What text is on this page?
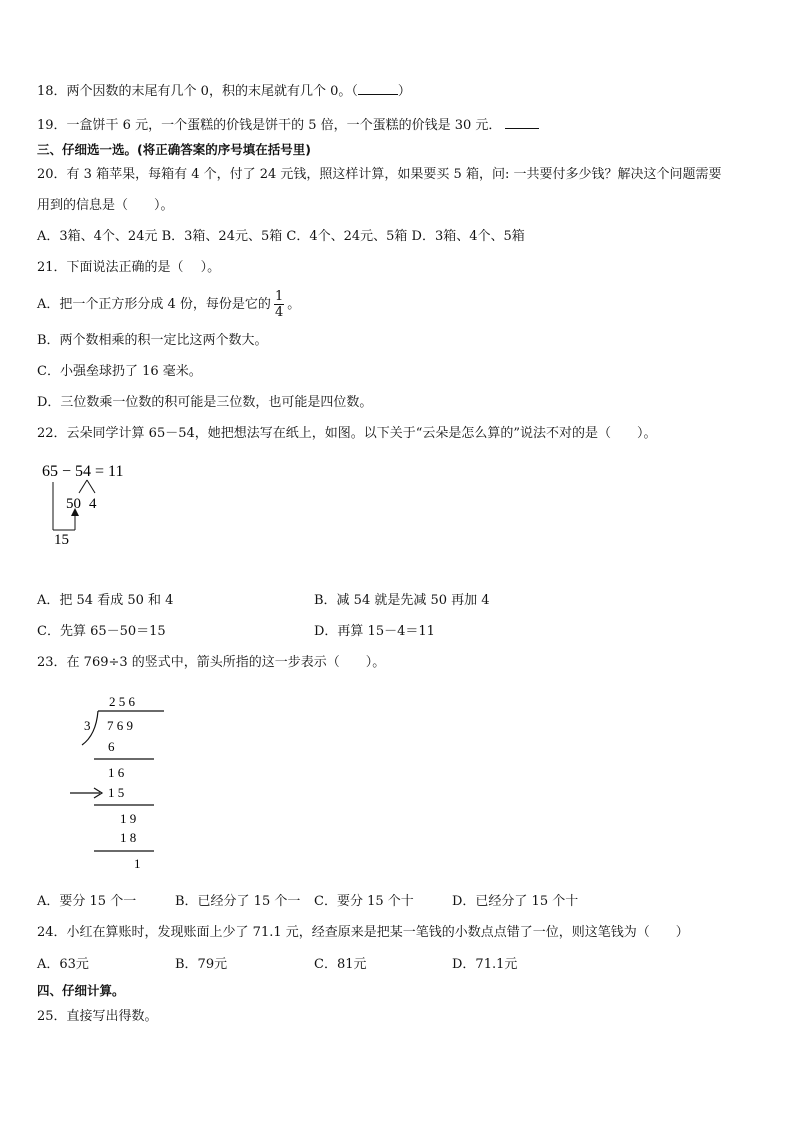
18．两个因数的末尾有几个 0，积的末尾就有几个 0。（	）
19．一盒饼干 6 元，一个蛋糕的价钱是饼干的 5 倍，一个蛋糕的价钱是 30 元．
三、仔细选一选。(将正确答案的序号填在括号里)
20．有 3 箱苹果，每箱有 4 个，付了 24 元钱，照这样计算，如果要买 5 箱，问: 一共要付多少钱？解决这个问题需要
用到的信息是（　　）。
A．3箱、4个、24元 B．3箱、24元、5箱 C．4个、24元、5箱 D．3箱、4个、5箱
21．下面说法正确的是（　 ）。
A．把一个正方形分成 4 份，每份是它的 $\frac{1}{4}$ 。
B．两个数相乘的积一定比这两个数大。
C．小强垒球扔了 16 毫米。
D．三位数乘一位数的积可能是三位数，也可能是四位数。
22．云朵同学计算 65－54，她把想法写在纸上，如图。以下关于“云朵是怎么算的”说法不对的是（　　）。
65 − 54 = 11
50 4
15
A．把 54 看成 50 和 4	B．减 54 就是先减 50 再加 4
C．先算 65－50＝15	D．再算 15－4＝11
23．在 769÷3 的竖式中，箭头所指的这一步表示（　　）。
2 5 6
3 7 6 9
6
1 6
1 5
1 9
1 8
1
A．要分 15 个一	B．已经分了 15 个一 C．要分 15 个十	D．已经分了 15 个十
24．小红在算账时，发现账面上少了 71.1 元，经查原来是把某一笔钱的小数点点错了一位，则这笔钱为（　　）
A．63元	B．79元	C．81元	D．71.1元
四、仔细计算。
25．直接写出得数。
